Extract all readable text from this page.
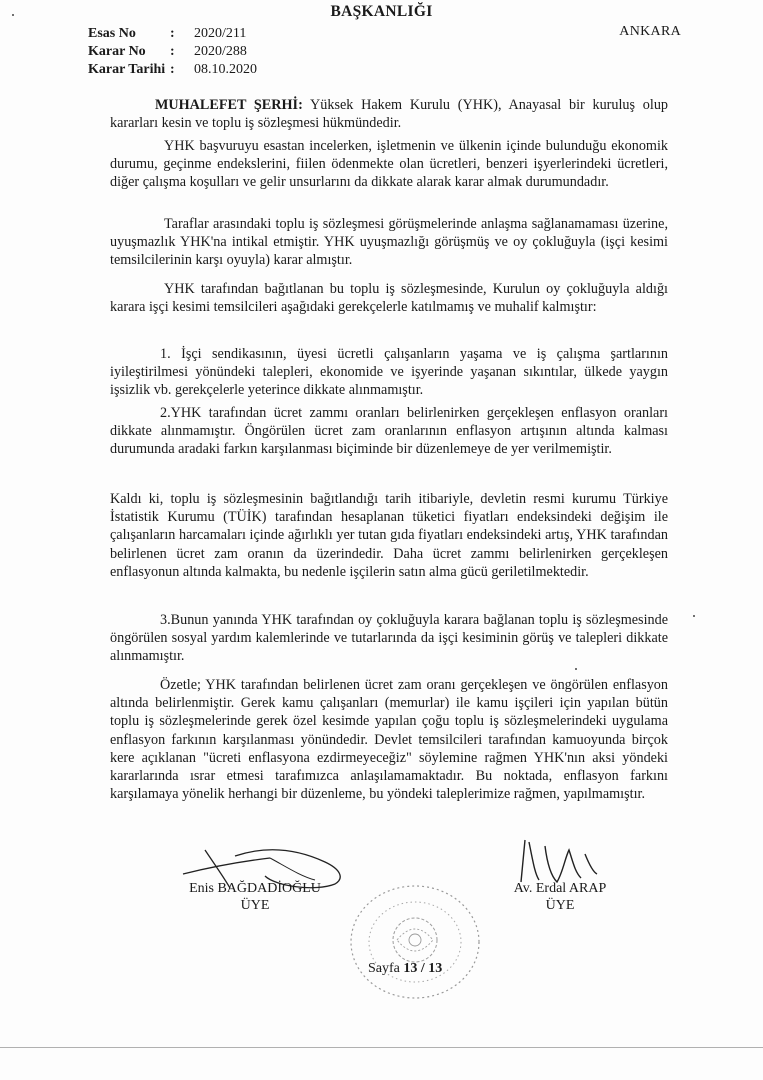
BAŞKANLIĞI
ANKARA
Esas No : 2020/211
Karar No : 2020/288
Karar Tarihi : 08.10.2020
MUHALEFET ŞERHİ: Yüksek Hakem Kurulu (YHK), Anayasal bir kuruluş olup kararları kesin ve toplu iş sözleşmesi hükmündedir.
YHK başvuruyu esastan incelerken, işletmenin ve ülkenin içinde bulunduğu ekonomik durumu, geçinme endekslerini, fiilen ödenmekte olan ücretleri, benzeri işyerlerindeki ücretleri, diğer çalışma koşulları ve gelir unsurlarını da dikkate alarak karar almak durumundadır.
Taraflar arasındaki toplu iş sözleşmesi görüşmelerinde anlaşma sağlanamaması üzerine, uyuşmazlık YHK'na intikal etmiştir. YHK uyuşmazlığı görüşmüş ve oy çokluğuyla (işçi kesimi temsilcilerinin karşı oyuyla) karar almıştır.
YHK tarafından bağıtlanan bu toplu iş sözleşmesinde, Kurulun oy çokluğuyla aldığı karara işçi kesimi temsilcileri aşağıdaki gerekçelerle katılmamış ve muhalif kalmıştır:
1. İşçi sendikasının, üyesi ücretli çalışanların yaşama ve iş çalışma şartlarının iyileştirilmesi yönündeki talepleri, ekonomide ve işyerinde yaşanan sıkıntılar, ülkede yaygın işsizlik vb. gerekçelerle yeterince dikkate alınmamıştır.
2.YHK tarafından ücret zammı oranları belirlenirken gerçekleşen enflasyon oranları dikkate alınmamıştır. Öngörülen ücret zam oranlarının enflasyon artışının altında kalması durumunda aradaki farkın karşılanması biçiminde bir düzenlemeye de yer verilmemiştir.
Kaldı ki, toplu iş sözleşmesinin bağıtlandığı tarih itibariyle, devletin resmi kurumu Türkiye İstatistik Kurumu (TÜİK) tarafından hesaplanan tüketici fiyatları endeksindeki değişim ile çalışanların harcamaları içinde ağırlıklı yer tutan gıda fiyatları endeksindeki artış, YHK tarafından belirlenen ücret zam oranın da üzerindedir. Daha ücret zammı belirlenirken gerçekleşen enflasyonun altında kalmakta, bu nedenle işçilerin satın alma gücü geriletilmektedir.
3.Bunun yanında YHK tarafından oy çokluğuyla karara bağlanan toplu iş sözleşmesinde öngörülen sosyal yardım kalemlerinde ve tutarlarında da işçi kesiminin görüş ve talepleri dikkate alınmamıştır.
Özetle; YHK tarafından belirlenen ücret zam oranı gerçekleşen ve öngörülen enflasyon altında belirlenmiştir. Gerek kamu çalışanları (memurlar) ile kamu işçileri için yapılan bütün toplu iş sözleşmelerinde gerek özel kesimde yapılan çoğu toplu iş sözleşmelerindeki uygulama enflasyon farkının karşılanması yönündedir. Devlet temsilcileri tarafından kamuoyunda birçok kere açıklanan "ücreti enflasyona ezdirmeyeceğiz" söylemine rağmen YHK'nın aksi yöndeki kararlarında ısrar etmesi tarafımızca anlaşılamamaktadır. Bu noktada, enflasyon farkını karşılamaya yönelik herhangi bir düzenleme, bu yöndeki taleplerimize rağmen, yapılmamıştır.
Enis BAĞDADİOĞLU
ÜYE
Av. Erdal ARAP
ÜYE
Sayfa 13 / 13
